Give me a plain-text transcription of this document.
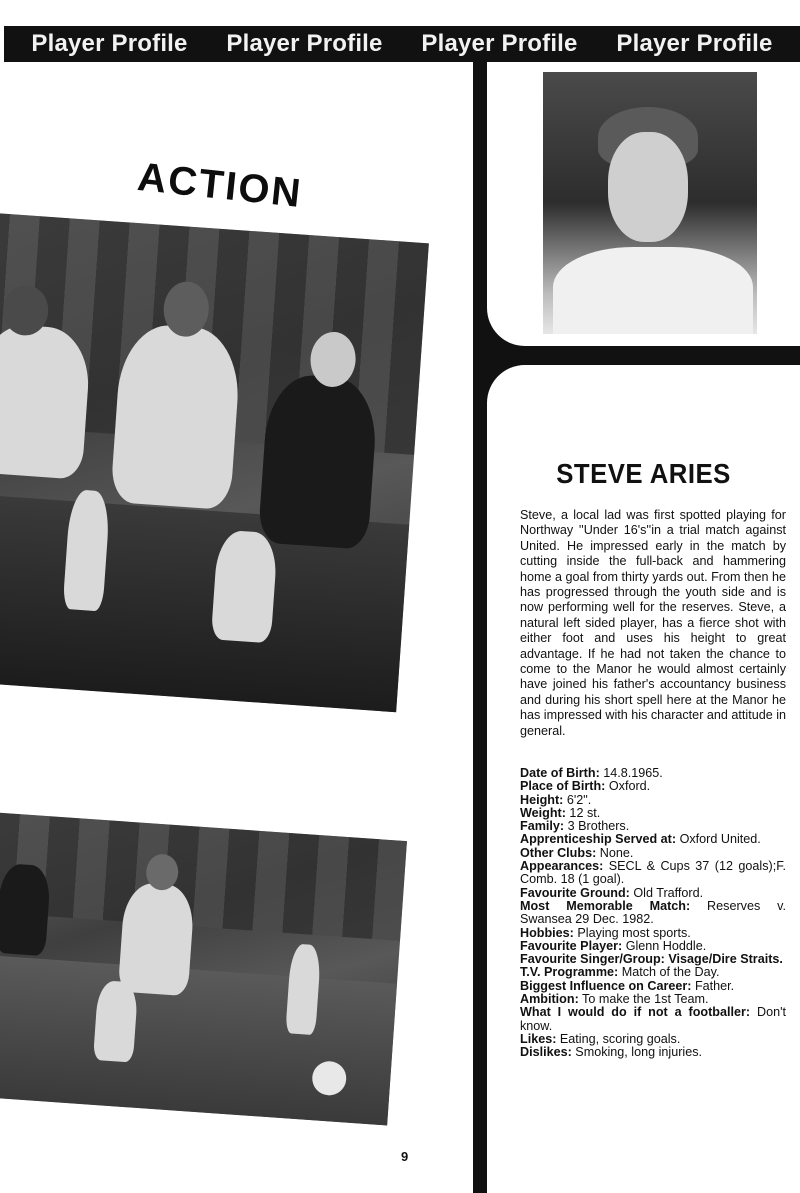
Player Profile Player Profile Player Profile Player Profile
ACTION
STEVE ARIES
Steve, a local lad was first spotted playing for Northway ''Under 16's''in a trial match against United. He impressed early in the match by cutting inside the full-back and hammering home a goal from thirty yards out. From then he has progressed through the youth side and is now performing well for the reserves. Steve, a natural left sided player, has a fierce shot with either foot and uses his height to great advantage. If he had not taken the chance to come to the Manor he would almost certainly have joined his father's accountancy business and during his short spell here at the Manor he has impressed with his character and attitude in general.
Date of Birth: 14.8.1965.
Place of Birth: Oxford.
Height: 6'2".
Weight: 12 st.
Family: 3 Brothers.
Apprenticeship Served at: Oxford United.
Other Clubs: None.
Appearances: SECL & Cups 37 (12 goals);F. Comb. 18 (1 goal).
Favourite Ground: Old Trafford.
Most Memorable Match: Reserves v. Swansea 29 Dec. 1982.
Hobbies: Playing most sports.
Favourite Player: Glenn Hoddle.
Favourite Singer/Group: Visage/Dire Straits.
T.V. Programme: Match of the Day.
Biggest Influence on Career: Father.
Ambition: To make the 1st Team.
What I would do if not a footballer: Don't know.
Likes: Eating, scoring goals.
Dislikes: Smoking, long injuries.
9
